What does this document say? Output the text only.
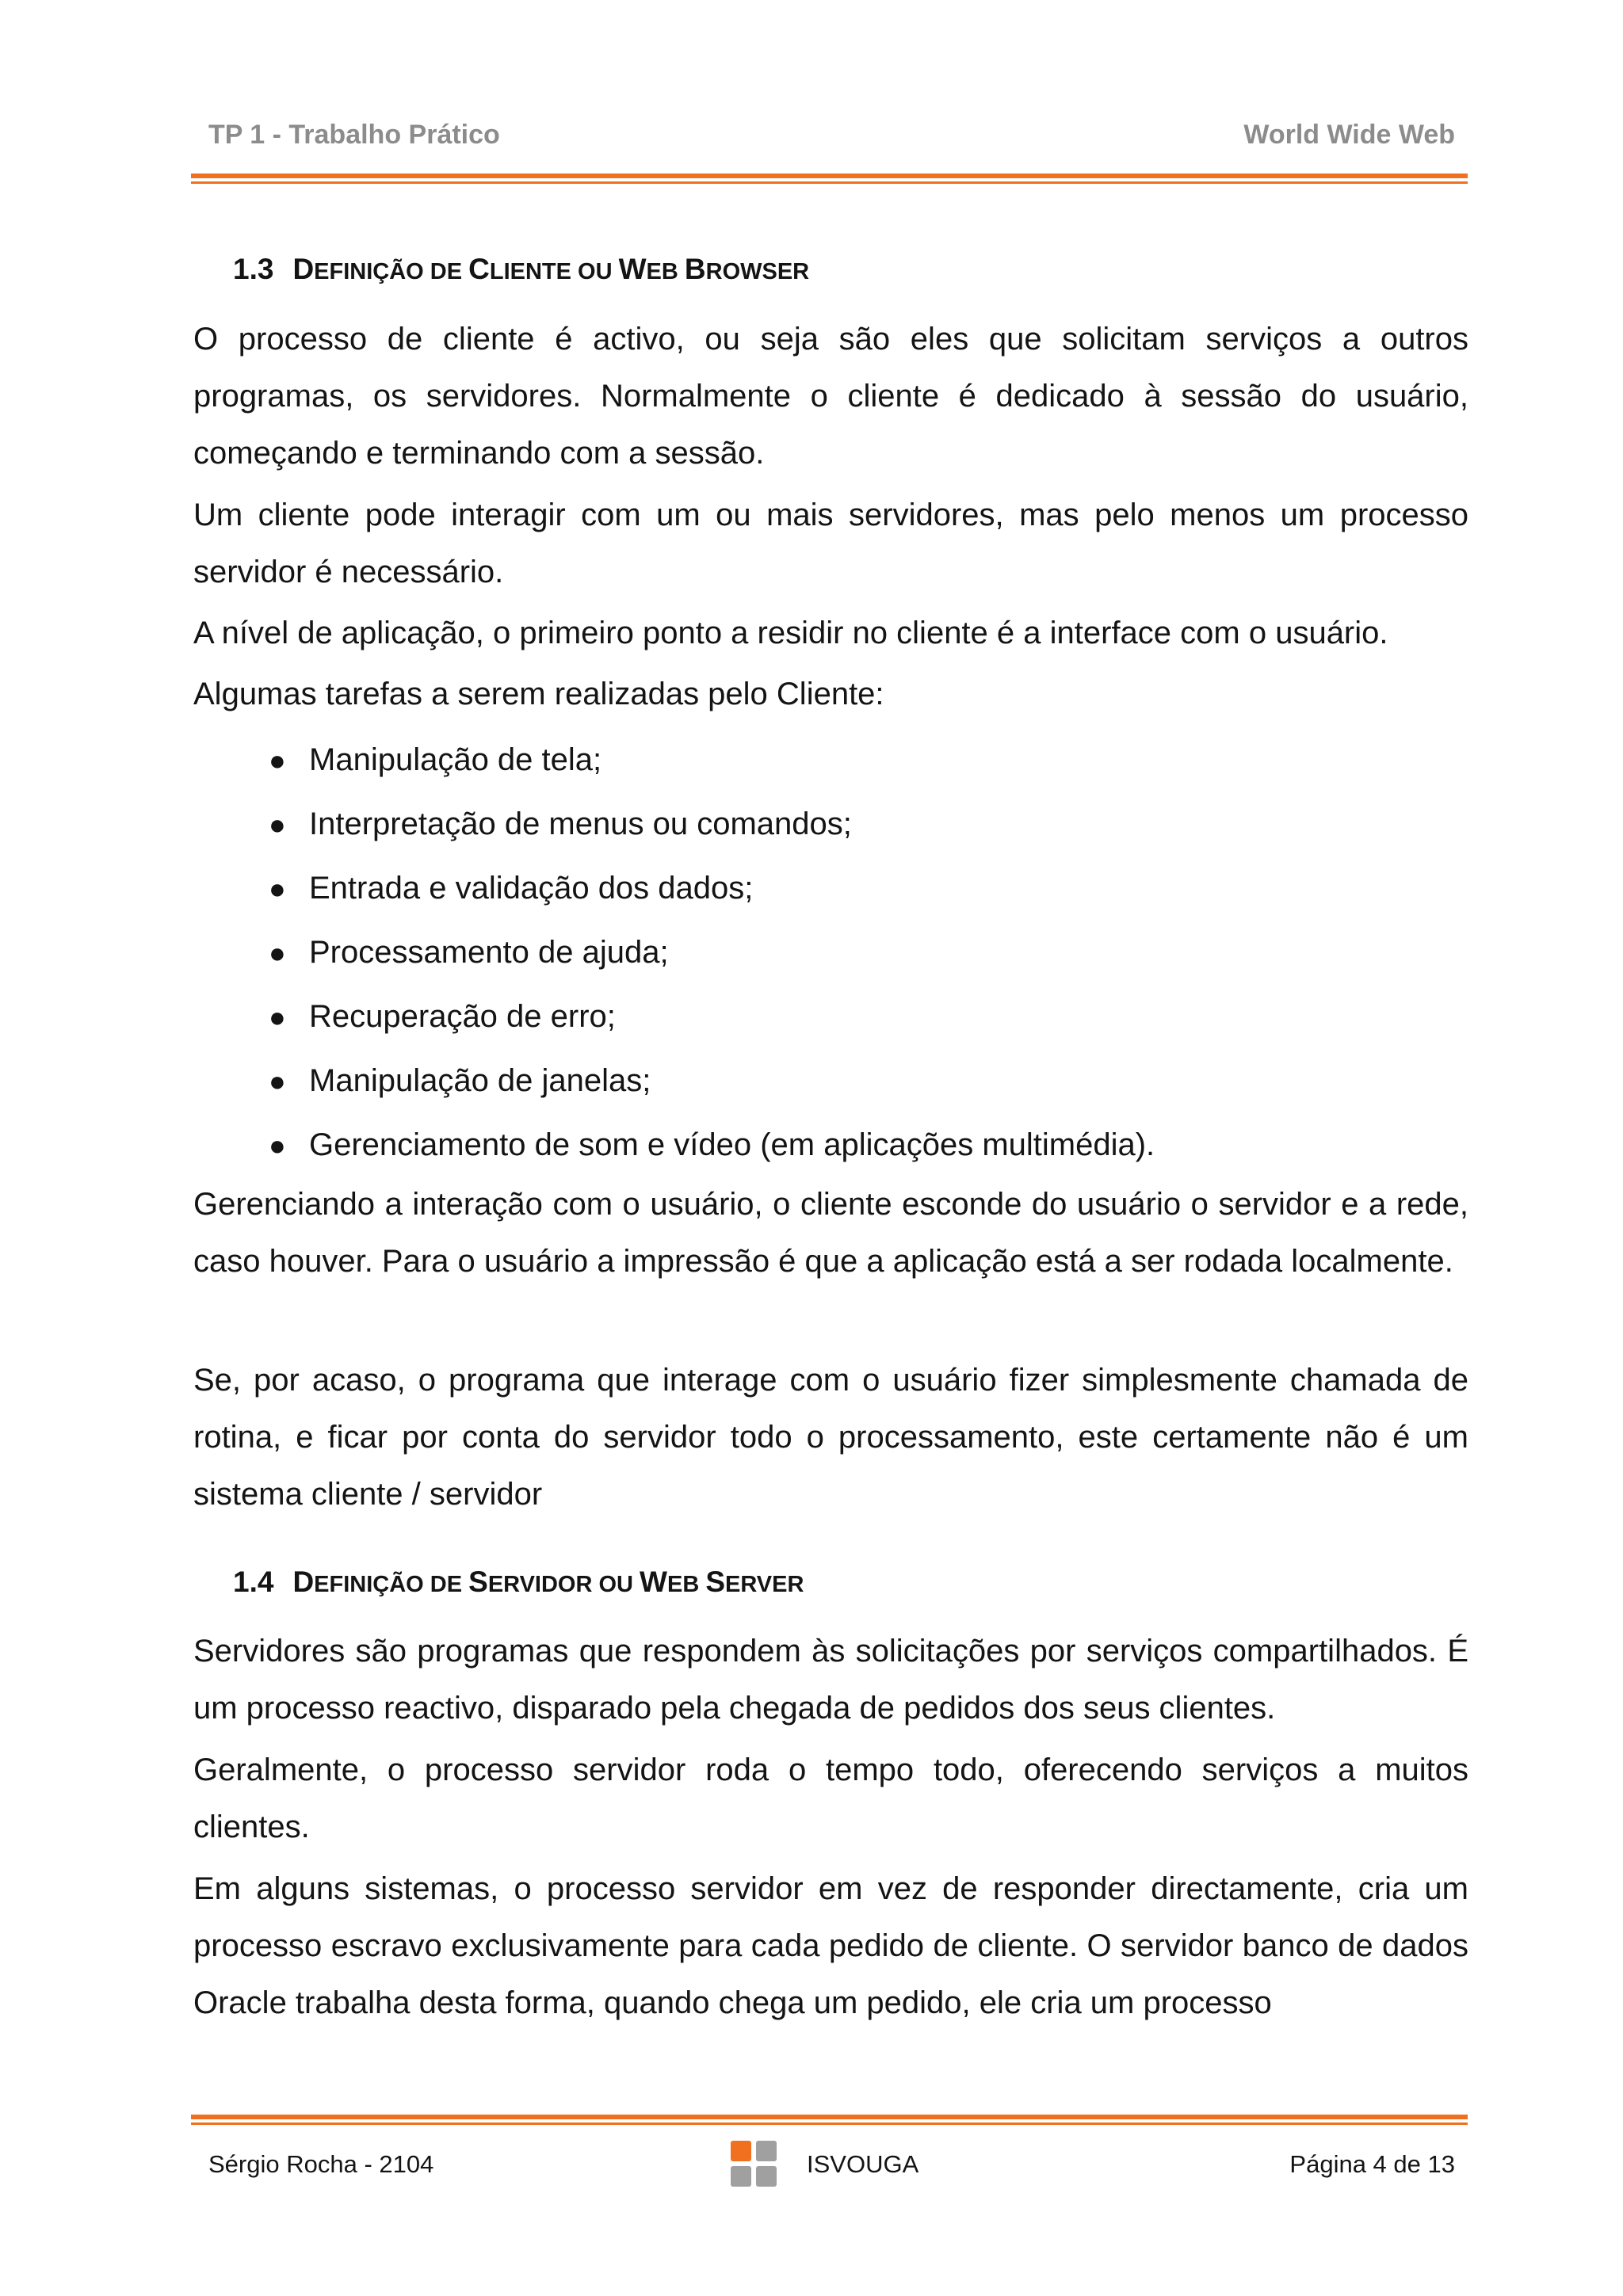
TP 1 - Trabalho Prático	World Wide Web
1.3 DEFINIÇÃO DE CLIENTE OU WEB BROWSER

O processo de cliente é activo, ou seja são eles que solicitam serviços a outros programas, os servidores. Normalmente o cliente é dedicado à sessão do usuário, começando e terminando com a sessão.

Um cliente pode interagir com um ou mais servidores, mas pelo menos um processo servidor é necessário.

A nível de aplicação, o primeiro ponto a residir no cliente é a interface com o usuário.

Algumas tarefas a serem realizadas pelo Cliente:

● Manipulação de tela;
● Interpretação de menus ou comandos;
● Entrada e validação dos dados;
● Processamento de ajuda;
● Recuperação de erro;
● Manipulação de janelas;
● Gerenciamento de som e vídeo (em aplicações multimédia).

Gerenciando a interação com o usuário, o cliente esconde do usuário o servidor e a rede, caso houver. Para o usuário a impressão é que a aplicação está a ser rodada localmente.

Se, por acaso, o programa que interage com o usuário fizer simplesmente chamada de rotina, e ficar por conta do servidor todo o processamento, este certamente não é um sistema cliente / servidor

1.4 DEFINIÇÃO DE SERVIDOR OU WEB SERVER

Servidores são programas que respondem às solicitações por serviços compartilhados. É um processo reactivo, disparado pela chegada de pedidos dos seus clientes.

Geralmente, o processo servidor roda o tempo todo, oferecendo serviços a muitos clientes.

Em alguns sistemas, o processo servidor em vez de responder directamente, cria um processo escravo exclusivamente para cada pedido de cliente. O servidor banco de dados Oracle trabalha desta forma, quando chega um pedido, ele cria um processo

Sérgio Rocha - 2104	ISVOUGA	Página 4 de 13
